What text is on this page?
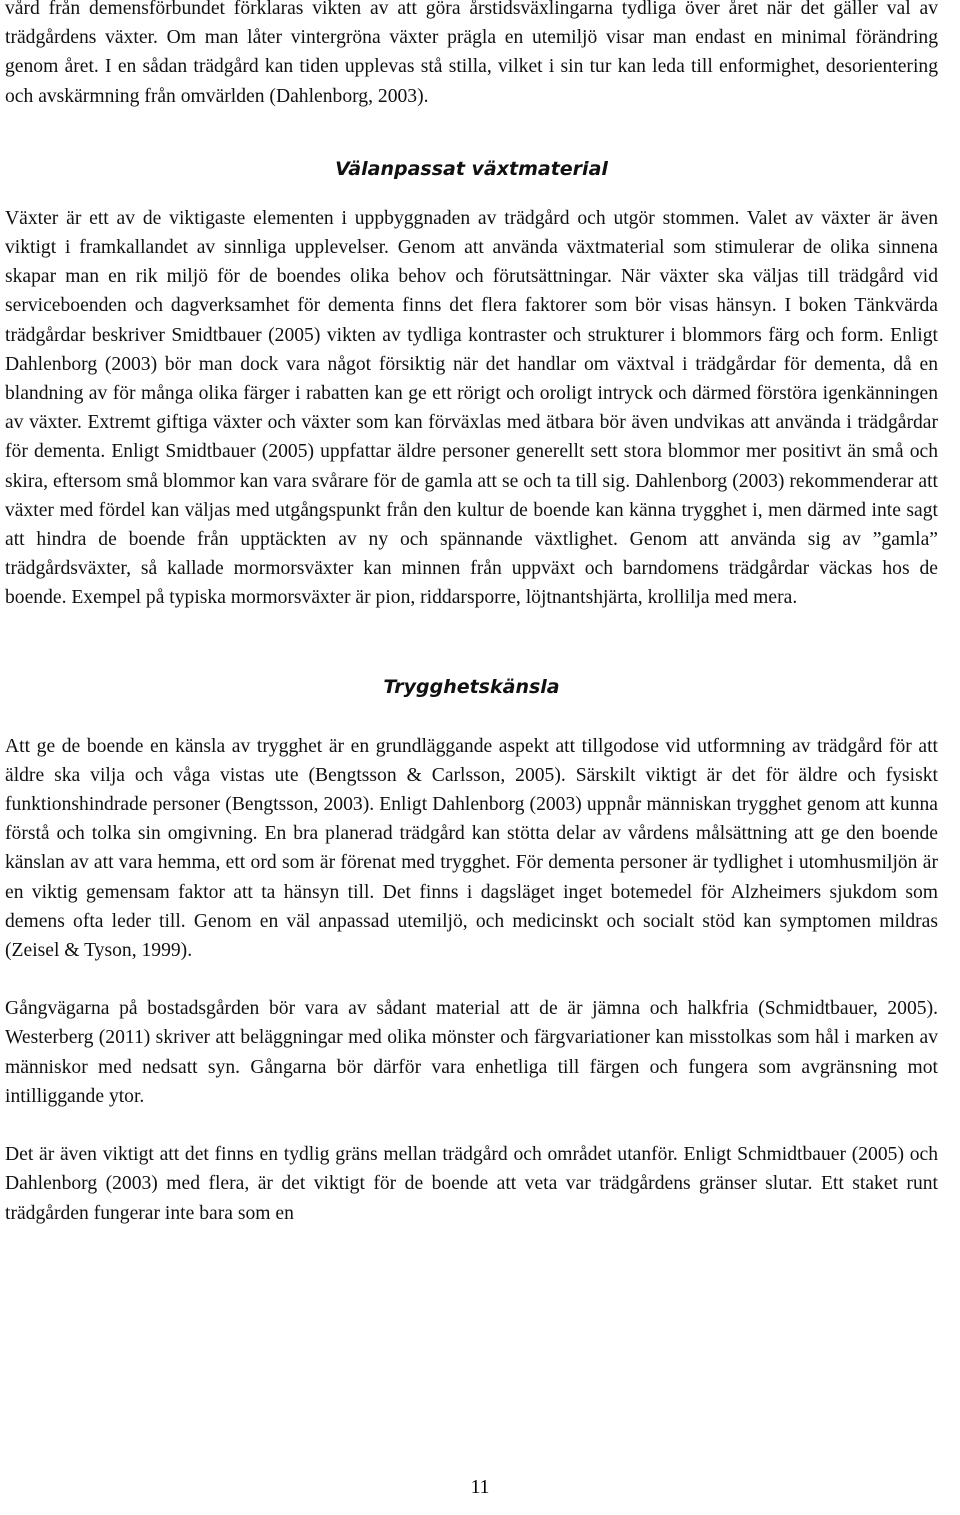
vård från demensförbundet förklaras vikten av att göra årstidsväxlingarna tydliga över året när det gäller val av trädgårdens växter. Om man låter vintergröna växter prägla en utemiljö visar man endast en minimal förändring genom året. I en sådan trädgård kan tiden upplevas stå stilla, vilket i sin tur kan leda till enformighet, desorientering och avskärmning från omvärlden (Dahlenborg, 2003).

Välanpassat växtmaterial

Växter är ett av de viktigaste elementen i uppbyggnaden av trädgård och utgör stommen. Valet av växter är även viktigt i framkallandet av sinnliga upplevelser. Genom att använda växtmaterial som stimulerar de olika sinnena skapar man en rik miljö för de boendes olika behov och förutsättningar. När växter ska väljas till trädgård vid serviceboenden och dagverksamhet för dementa finns det flera faktorer som bör visas hänsyn. I boken Tänkvärda trädgårdar beskriver Smidtbauer (2005) vikten av tydliga kontraster och strukturer i blommors färg och form. Enligt Dahlenborg (2003) bör man dock vara något försiktig när det handlar om växtval i trädgårdar för dementa, då en blandning av för många olika färger i rabatten kan ge ett rörigt och oroligt intryck och därmed förstöra igenkänningen av växter. Extremt giftiga växter och växter som kan förväxlas med ätbara bör även undvikas att använda i trädgårdar för dementa. Enligt Smidtbauer (2005) uppfattar äldre personer generellt sett stora blommor mer positivt än små och skira, eftersom små blommor kan vara svårare för de gamla att se och ta till sig. Dahlenborg (2003) rekommenderar att växter med fördel kan väljas med utgångspunkt från den kultur de boende kan känna trygghet i, men därmed inte sagt att hindra de boende från upptäckten av ny och spännande växtlighet. Genom att använda sig av ”gamla” trädgårdsväxter, så kallade mormorsväxter kan minnen från uppväxt och barndomens trädgårdar väckas hos de boende. Exempel på typiska mormorsväxter är pion, riddarsporre, löjtnantshjärta, krollilja med mera.

Trygghetskänsla

Att ge de boende en känsla av trygghet är en grundläggande aspekt att tillgodose vid utformning av trädgård för att äldre ska vilja och våga vistas ute (Bengtsson & Carlsson, 2005). Särskilt viktigt är det för äldre och fysiskt funktionshindrade personer (Bengtsson, 2003). Enligt Dahlenborg (2003) uppnår människan trygghet genom att kunna förstå och tolka sin omgivning. En bra planerad trädgård kan stötta delar av vårdens målsättning att ge den boende känslan av att vara hemma, ett ord som är förenat med trygghet. För dementa personer är tydlighet i utomhusmiljön är en viktig gemensam faktor att ta hänsyn till. Det finns i dagsläget inget botemedel för Alzheimers sjukdom som demens ofta leder till. Genom en väl anpassad utemiljö, och medicinskt och socialt stöd kan symptomen mildras (Zeisel & Tyson, 1999).

Gångvägarna på bostadsgården bör vara av sådant material att de är jämna och halkfria (Schmidtbauer, 2005). Westerberg (2011) skriver att beläggningar med olika mönster och färgvariationer kan misstolkas som hål i marken av människor med nedsatt syn. Gångarna bör därför vara enhetliga till färgen och fungera som avgränsning mot intilliggande ytor.

Det är även viktigt att det finns en tydlig gräns mellan trädgård och området utanför. Enligt Schmidtbauer (2005) och Dahlenborg (2003) med flera, är det viktigt för de boende att veta var trädgårdens gränser slutar. Ett staket runt trädgården fungerar inte bara som en

11
